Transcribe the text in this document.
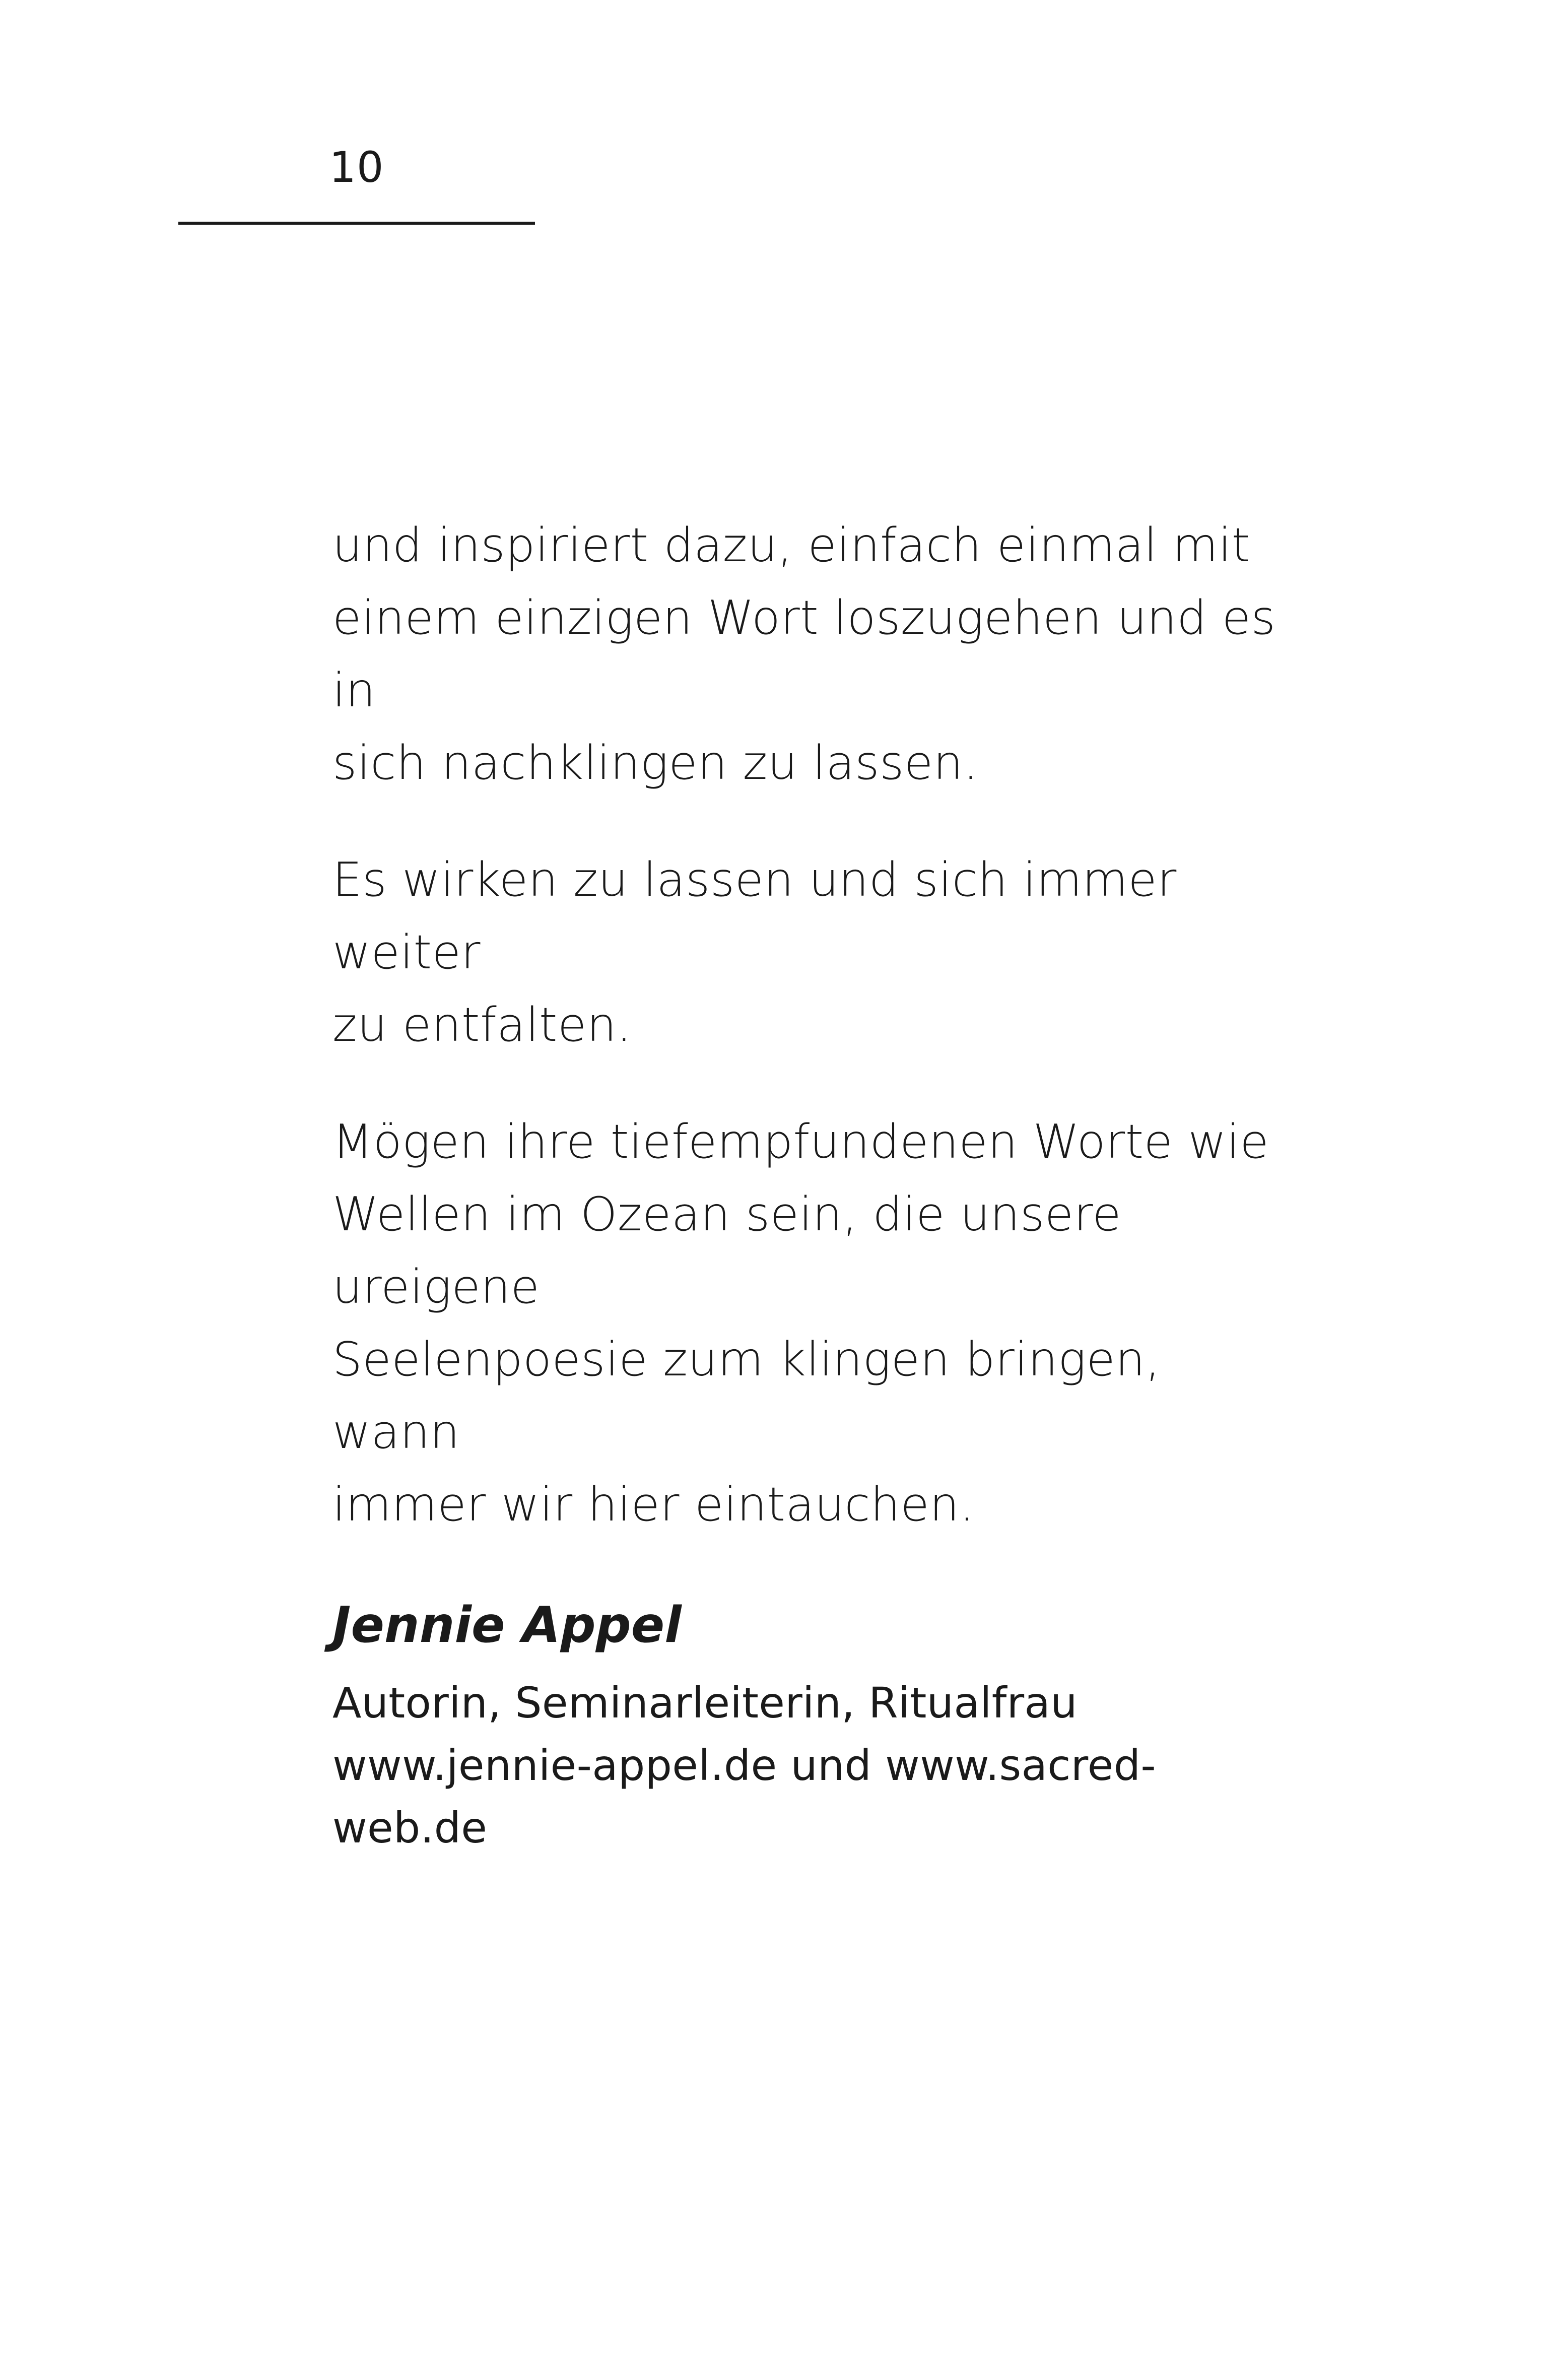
10

und inspiriert dazu, einfach einmal mit
einem einzigen Wort loszugehen und es in
sich nachklingen zu lassen.

Es wirken zu lassen und sich immer weiter
zu entfalten.

Mögen ihre tiefempfundenen Worte wie
Wellen im Ozean sein, die unsere ureigene
Seelenpoesie zum klingen bringen, wann
immer wir hier eintauchen.

Jennie Appel

Autorin, Seminarleiterin, Ritualfrau
www.jennie-appel.de und www.sacred-web.de
